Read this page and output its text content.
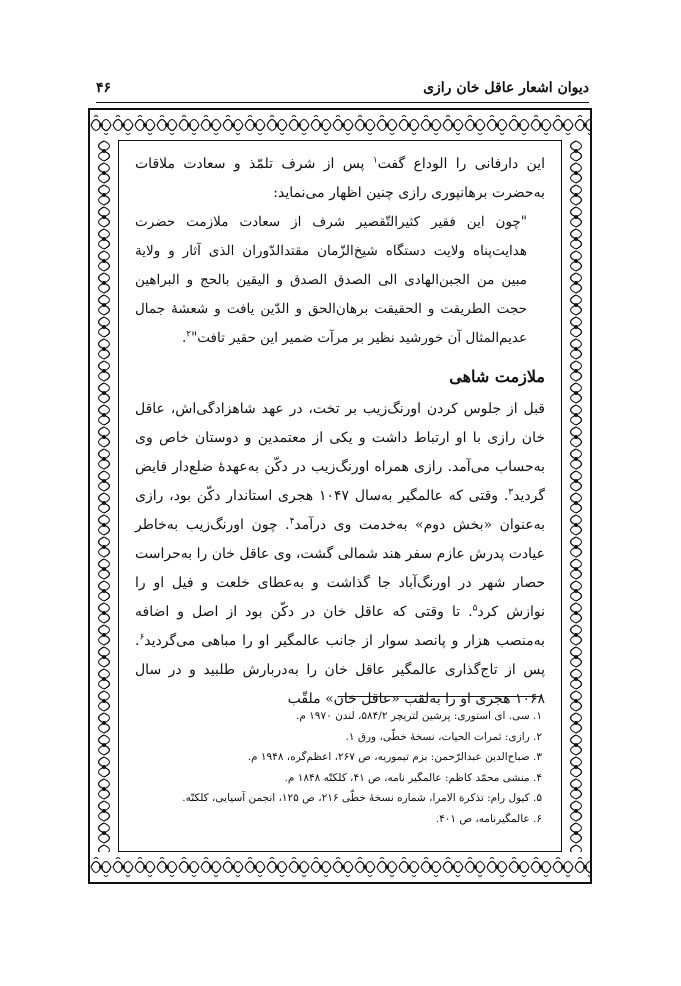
دیوان اشعار عاقل خان رازی
۴۶

این دارفانی را الوداع گفت$^۱$ پس از شرف تلمّذ و سعادت ملاقات به‌حضرت برهانپوری رازی چنین اظهار می‌نماید:

"چون این فقیر کثیرالتّقصیر شرف از سعادت ملازمت حضرت هدایت‌پناه ولایت دستگاه شیخ‌الزّمان مقتدالدّوران الذی آثار و ولایة مبین من الجبن‌الهادی الی الصدق الصدق و الیقین بالحج و البراهین حجت الطریقت و الحقیقت برهان‌الحق و الدّین یافت و شعشهٔ جمال عدیم‌المثال آن خورشید نظیر بر مرآت ضمیر این حقیر تافت"$^۲$.

ملازمت شاهی

قبل از جلوس کردن اورنگ‌زیب بر تخت، در عهد شاهزادگی‌اش، عاقل خان رازی با او ارتباط داشت و یکی از معتمدین و دوستان خاص وی به‌حساب می‌آمد. رازی همراه اورنگ‌زیب در دکّن به‌عهدهٔ ضلع‌دار فایض گردید$^۳$. وقتی که عالمگیر به‌سال ۱۰۴۷ هجری استاندار دکّن بود، رازی به‌عنوان «بخش دوم» به‌خدمت وی درآمد$^۴$. چون اورنگ‌زیب به‌خاطر عیادت پدرش عازم سفر هند شمالی گشت، وی عاقل خان را به‌حراست حصار شهر در اورنگ‌آباد جا گذاشت و به‌عطای خلعت و فیل او را نوازش کرد$^۵$. تا وقتی که عاقل خان در دکّن بود از اصل و اضافه به‌منصب هزار و پانصد سوار از جانب عالمگیر او را مباهی می‌گردید$^۶$. پس از تاج‌گذاری عالمگیر عاقل خان را به‌دربارش طلبید و در سال ۱۰۶۸ هجری او را به‌لقب «عاقل خان» ملقّب

۱. سی. ای استوری: پرشین لتریچر ۵۸۴/۲، لندن ۱۹۷۰ م.
۲. رازی: ثمرات الحیات، نسخهٔ خطّی، ورق ۱.
۳. صباح‌الدین عبدالرّحمن: بزم تیموریه، ص ۲۶۷، اعظم‌گره، ۱۹۴۸ م.
۴. منشی محمّد کاظم: عالمگیر نامه، ص ۴۱، کلکتّه ۱۸۴۸ م.
۵. کیول رام: تذکرة الامرا، شماره نسخهٔ خطّی ۲۱۶، ص ۱۲۵، انجمن آسیایی، کلکتّه.
۶. عالمگیرنامه، ص ۴۰۱.
